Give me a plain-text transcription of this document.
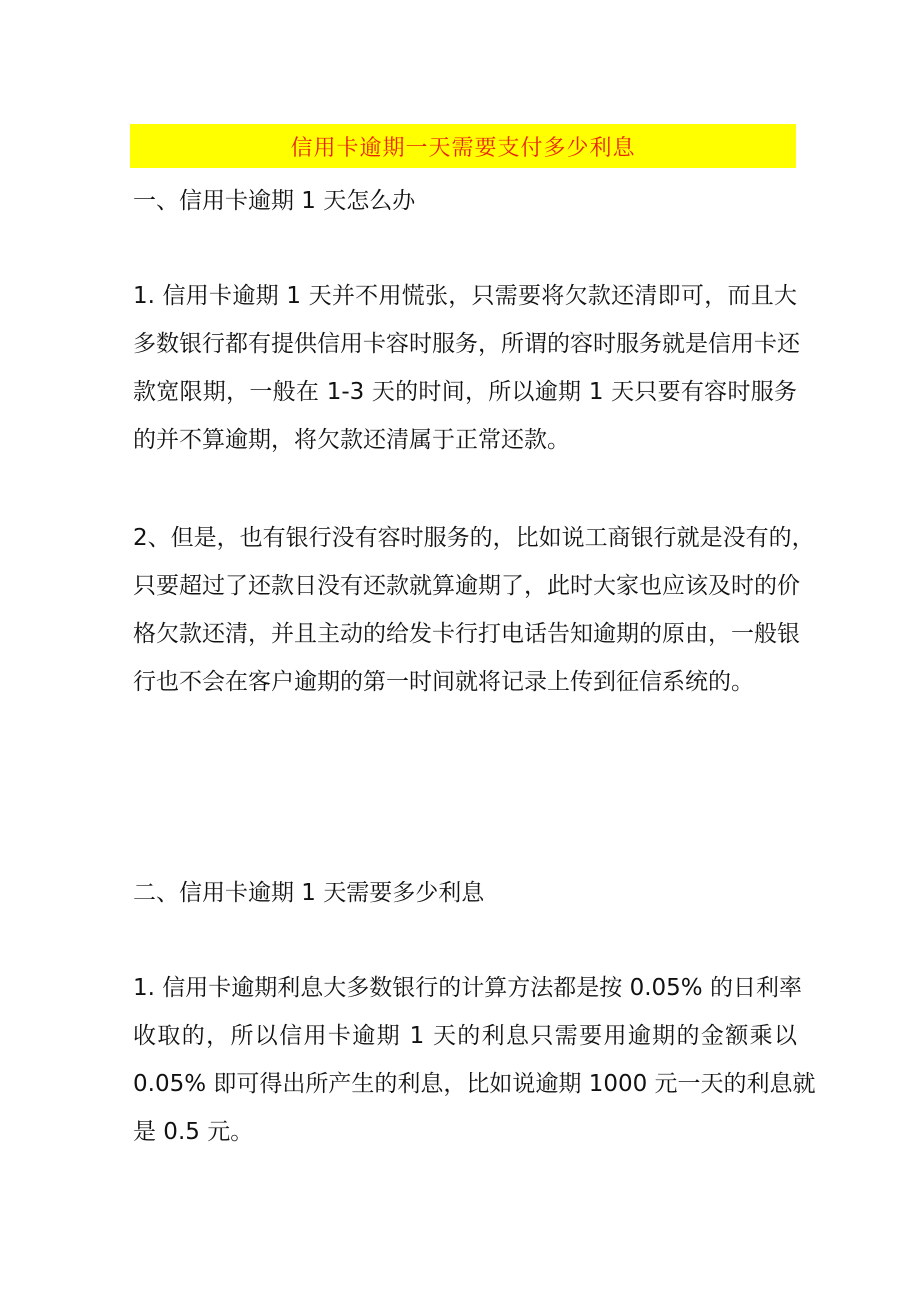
信用卡逾期一天需要支付多少利息
一、信用卡逾期 1 天怎么办
1. 信用卡逾期 1 天并不用慌张，只需要将欠款还清即可，而且大
多数银行都有提供信用卡容时服务，所谓的容时服务就是信用卡还
款宽限期，一般在 1-3 天的时间，所以逾期 1 天只要有容时服务
的并不算逾期，将欠款还清属于正常还款。
2、但是，也有银行没有容时服务的，比如说工商银行就是没有的，
只要超过了还款日没有还款就算逾期了，此时大家也应该及时的价
格欠款还清，并且主动的给发卡行打电话告知逾期的原由，一般银
行也不会在客户逾期的第一时间就将记录上传到征信系统的。
二、信用卡逾期 1 天需要多少利息
1. 信用卡逾期利息大多数银行的计算方法都是按 0.05% 的日利率
收取的，所以信用卡逾期 1 天的利息只需要用逾期的金额乘以
0.05% 即可得出所产生的利息，比如说逾期 1000 元一天的利息就
是 0.5 元。
